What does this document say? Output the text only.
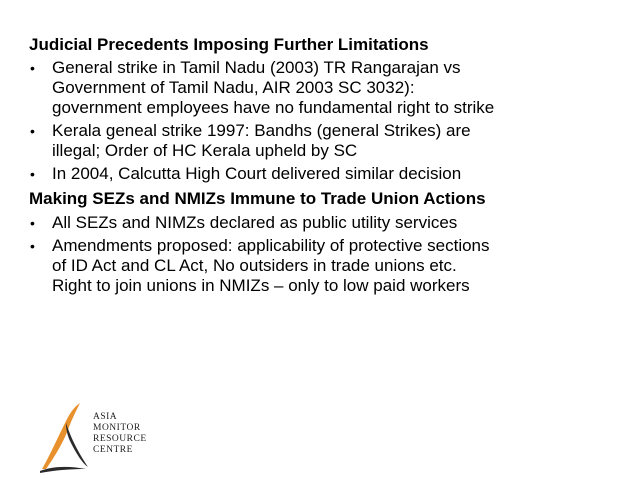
Judicial Precedents Imposing Further Limitations
• General strike in Tamil Nadu (2003) TR Rangarajan vs
Government of Tamil Nadu, AIR 2003 SC 3032):
government employees have no fundamental right to strike
• Kerala geneal strike 1997: Bandhs (general Strikes) are
illegal; Order of HC Kerala upheld by SC
• In 2004, Calcutta High Court delivered similar decision
Making SEZs and NMIZs Immune to Trade Union Actions
• All SEZs and NIMZs declared as public utility services
• Amendments proposed: applicability of protective sections
of ID Act and CL Act, No outsiders in trade unions etc.
Right to join unions in NMIZs – only to low paid workers
ASIA
MONITOR
RESOURCE
CENTRE
